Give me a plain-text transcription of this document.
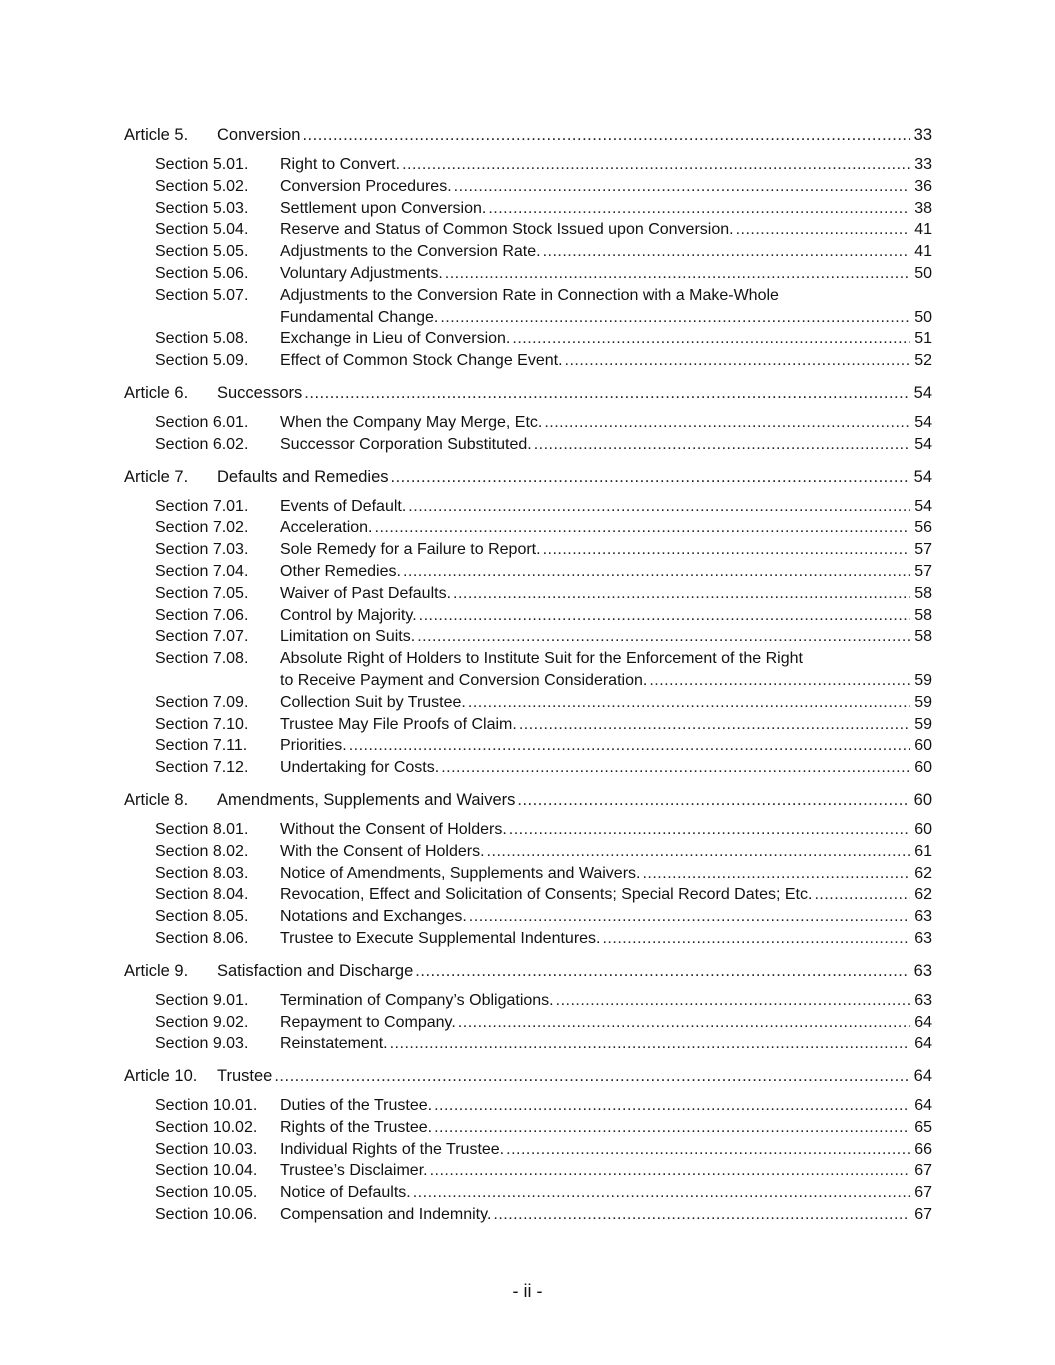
Article 5.	Conversion .....	33
Section 5.01.	Right to Convert. .....	33
Section 5.02.	Conversion Procedures. .....	36
Section 5.03.	Settlement upon Conversion. .....	38
Section 5.04.	Reserve and Status of Common Stock Issued upon Conversion. .....	41
Section 5.05.	Adjustments to the Conversion Rate. .....	41
Section 5.06.	Voluntary Adjustments. .....	50
Section 5.07.	Adjustments to the Conversion Rate in Connection with a Make-Whole
Fundamental Change. .....	50
Section 5.08.	Exchange in Lieu of Conversion. .....	51
Section 5.09.	Effect of Common Stock Change Event. .....	52
Article 6.	Successors .....	54
Section 6.01.	When the Company May Merge, Etc. .....	54
Section 6.02.	Successor Corporation Substituted. .....	54
Article 7.	Defaults and Remedies .....	54
Section 7.01.	Events of Default. .....	54
Section 7.02.	Acceleration. .....	56
Section 7.03.	Sole Remedy for a Failure to Report. .....	57
Section 7.04.	Other Remedies. .....	57
Section 7.05.	Waiver of Past Defaults. .....	58
Section 7.06.	Control by Majority. .....	58
Section 7.07.	Limitation on Suits. .....	58
Section 7.08.	Absolute Right of Holders to Institute Suit for the Enforcement of the Right
to Receive Payment and Conversion Consideration. .....	59
Section 7.09.	Collection Suit by Trustee. .....	59
Section 7.10.	Trustee May File Proofs of Claim. .....	59
Section 7.11.	Priorities. .....	60
Section 7.12.	Undertaking for Costs. .....	60
Article 8.	Amendments, Supplements and Waivers .....	60
Section 8.01.	Without the Consent of Holders. .....	60
Section 8.02.	With the Consent of Holders. .....	61
Section 8.03.	Notice of Amendments, Supplements and Waivers. .....	62
Section 8.04.	Revocation, Effect and Solicitation of Consents; Special Record Dates; Etc. .....	62
Section 8.05.	Notations and Exchanges. .....	63
Section 8.06.	Trustee to Execute Supplemental Indentures. .....	63
Article 9.	Satisfaction and Discharge .....	63
Section 9.01.	Termination of Company’s Obligations. .....	63
Section 9.02.	Repayment to Company. .....	64
Section 9.03.	Reinstatement. .....	64
Article 10.	Trustee .....	64
Section 10.01.	Duties of the Trustee. .....	64
Section 10.02.	Rights of the Trustee. .....	65
Section 10.03.	Individual Rights of the Trustee. .....	66
Section 10.04.	Trustee’s Disclaimer. .....	67
Section 10.05.	Notice of Defaults. .....	67
Section 10.06.	Compensation and Indemnity. .....	67
- ii -
